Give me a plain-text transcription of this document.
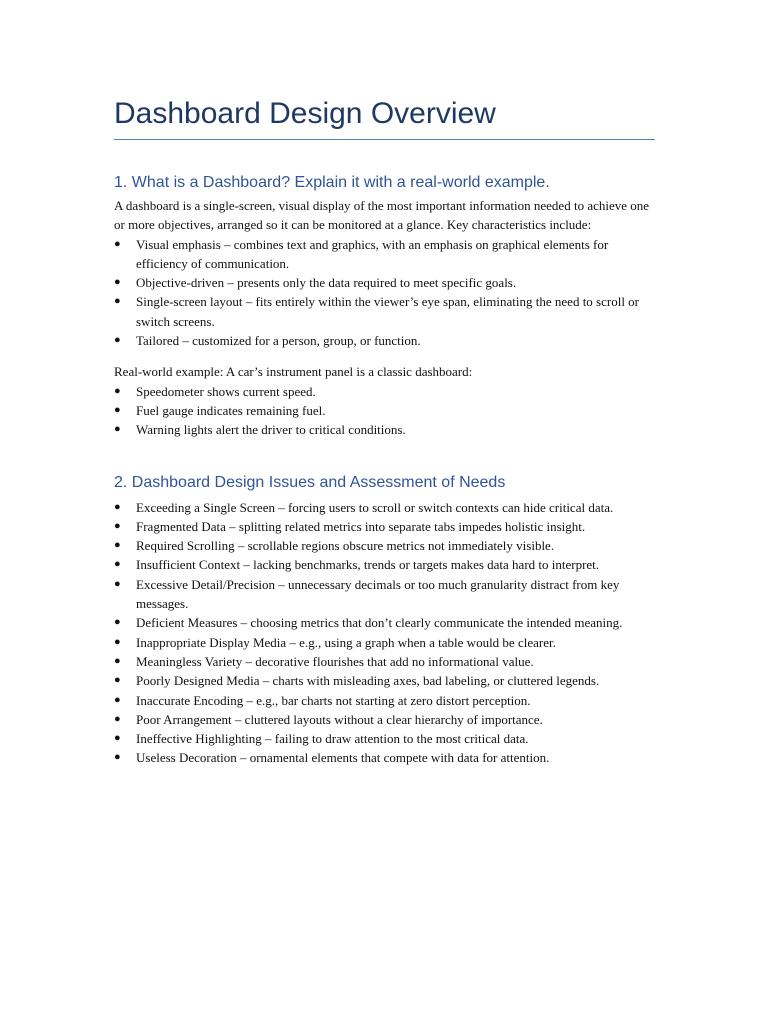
Dashboard Design Overview
1. What is a Dashboard? Explain it with a real-world example.

A dashboard is a single-screen, visual display of the most important information needed to achieve one or more objectives, arranged so it can be monitored at a glance. Key characteristics include:

● Visual emphasis – combines text and graphics, with an emphasis on graphical elements for efficiency of communication.
● Objective-driven – presents only the data required to meet specific goals.
● Single-screen layout – fits entirely within the viewer’s eye span, eliminating the need to scroll or switch screens.
● Tailored – customized for a person, group, or function.

Real-world example: A car’s instrument panel is a classic dashboard:

● Speedometer shows current speed.
● Fuel gauge indicates remaining fuel.
● Warning lights alert the driver to critical conditions.
2. Dashboard Design Issues and Assessment of Needs
● Exceeding a Single Screen – forcing users to scroll or switch contexts can hide critical data.
● Fragmented Data – splitting related metrics into separate tabs impedes holistic insight.
● Required Scrolling – scrollable regions obscure metrics not immediately visible.
● Insufficient Context – lacking benchmarks, trends or targets makes data hard to interpret.
● Excessive Detail/Precision – unnecessary decimals or too much granularity distract from key messages.
● Deficient Measures – choosing metrics that don’t clearly communicate the intended meaning.
● Inappropriate Display Media – e.g., using a graph when a table would be clearer.
● Meaningless Variety – decorative flourishes that add no informational value.
● Poorly Designed Media – charts with misleading axes, bad labeling, or cluttered legends.
● Inaccurate Encoding – e.g., bar charts not starting at zero distort perception.
● Poor Arrangement – cluttered layouts without a clear hierarchy of importance.
● Ineffective Highlighting – failing to draw attention to the most critical data.
● Useless Decoration – ornamental elements that compete with data for attention.
